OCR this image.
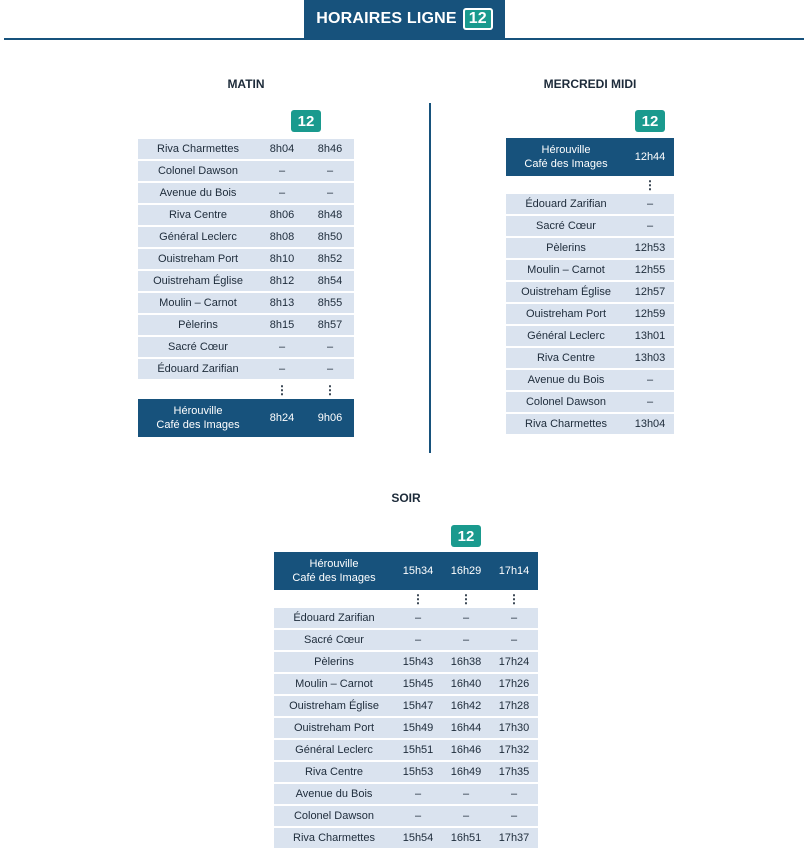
HORAIRES LIGNE 12
MATIN
12
Riva Charmettes	8h04	8h46
Colonel Dawson	–	–
Avenue du Bois	–	–
Riva Centre	8h06	8h48
Général Leclerc	8h08	8h50
Ouistreham Port	8h10	8h52
Ouistreham Église	8h12	8h54
Moulin – Carnot	8h13	8h55
Pèlerins	8h15	8h57
Sacré Cœur	–	–
Édouard Zarifian	–	–
	⋮	⋮

Hérouville
Café des Images	8h24	9h06
MERCREDI MIDI
12
Hérouville
Café des Images	12h44
	⋮
Édouard Zarifian	–
Sacré Cœur	–
Pèlerins	12h53
Moulin – Carnot	12h55
Ouistreham Église	12h57
Ouistreham Port	12h59
Général Leclerc	13h01
Riva Centre	13h03
Avenue du Bois	–
Colonel Dawson	–
Riva Charmettes	13h04
SOIR
12
Hérouville
Café des Images	15h34	16h29	17h14
	⋮	⋮	⋮
Édouard Zarifian	–	–	–
Sacré Cœur	–	–	–
Pèlerins	15h43	16h38	17h24
Moulin – Carnot	15h45	16h40	17h26
Ouistreham Église	15h47	16h42	17h28
Ouistreham Port	15h49	16h44	17h30
Général Leclerc	15h51	16h46	17h32
Riva Centre	15h53	16h49	17h35
Avenue du Bois	–	–	–
Colonel Dawson	–	–	–
Riva Charmettes	15h54	16h51	17h37
